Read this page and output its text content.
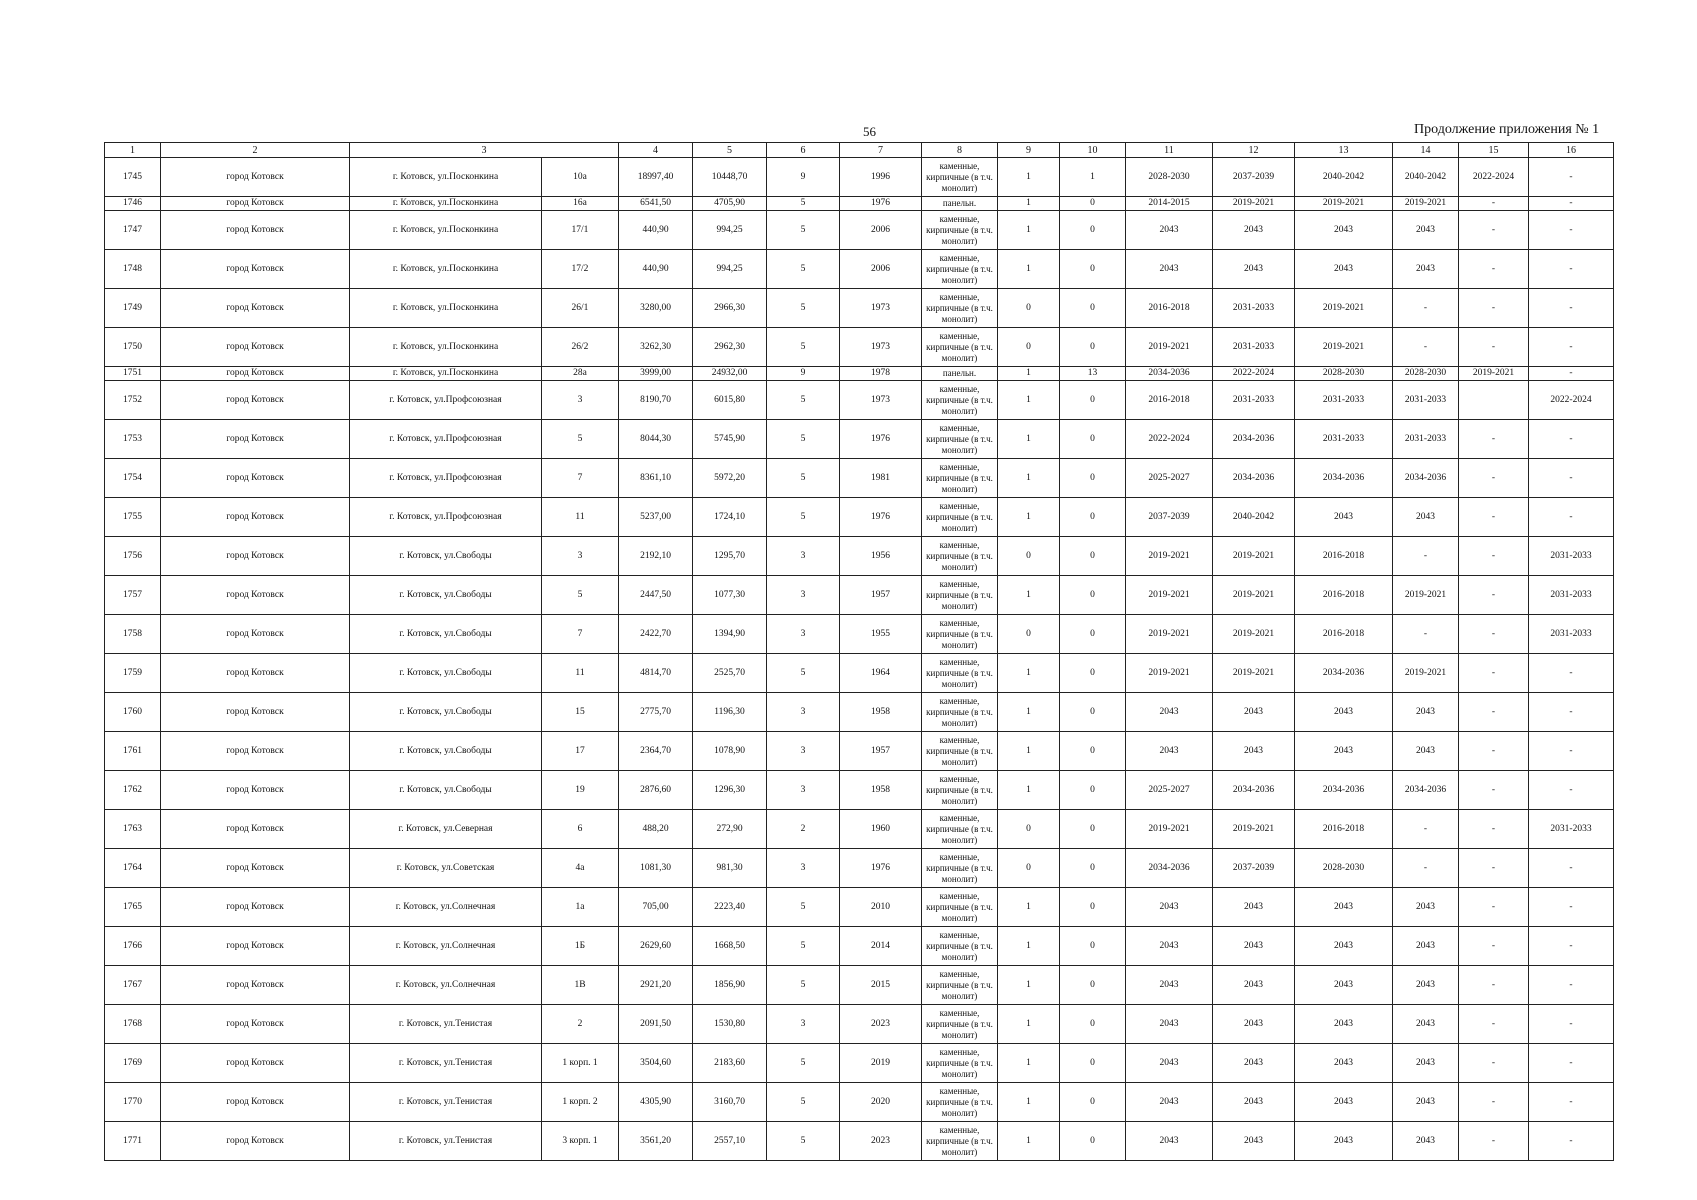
56	Продолжение приложения № 1
1	2	3		4	5	6	7	8	9	10	11	12	13	14	15	16
1745	город Котовск	г. Котовск, ул.Посконкина	10а	18997,40	10448,70	9	1996	каменные, кирпичные (в т.ч. монолит)	1	1	2028-2030	2037-2039	2040-2042	2040-2042	2022-2024	-
1746	город Котовск	г. Котовск, ул.Посконкина	16а	6541,50	4705,90	5	1976	панельн.	1	0	2014-2015	2019-2021	2019-2021	2019-2021	-	-
1747	город Котовск	г. Котовск, ул.Посконкина	17/1	440,90	994,25	5	2006	каменные, кирпичные (в т.ч. монолит)	1	0	2043	2043	2043	2043	-	-
1748	город Котовск	г. Котовск, ул.Посконкина	17/2	440,90	994,25	5	2006	каменные, кирпичные (в т.ч. монолит)	1	0	2043	2043	2043	2043	-	-
1749	город Котовск	г. Котовск, ул.Посконкина	26/1	3280,00	2966,30	5	1973	каменные, кирпичные (в т.ч. монолит)	0	0	2016-2018	2031-2033	2019-2021	-	-	-
1750	город Котовск	г. Котовск, ул.Посконкина	26/2	3262,30	2962,30	5	1973	каменные, кирпичные (в т.ч. монолит)	0	0	2019-2021	2031-2033	2019-2021	-	-	-
1751	город Котовск	г. Котовск, ул.Посконкина	28а	3999,00	24932,00	9	1978	панельн.	1	13	2034-2036	2022-2024	2028-2030	2028-2030	2019-2021	-
1752	город Котовск	г. Котовск, ул.Профсоюзная	3	8190,70	6015,80	5	1973	каменные, кирпичные (в т.ч. монолит)	1	0	2016-2018	2031-2033	2031-2033	2031-2033		2022-2024
1753	город Котовск	г. Котовск, ул.Профсоюзная	5	8044,30	5745,90	5	1976	каменные, кирпичные (в т.ч. монолит)	1	0	2022-2024	2034-2036	2031-2033	2031-2033	-	-
1754	город Котовск	г. Котовск, ул.Профсоюзная	7	8361,10	5972,20	5	1981	каменные, кирпичные (в т.ч. монолит)	1	0	2025-2027	2034-2036	2034-2036	2034-2036	-	-
1755	город Котовск	г. Котовск, ул.Профсоюзная	11	5237,00	1724,10	5	1976	каменные, кирпичные (в т.ч. монолит)	1	0	2037-2039	2040-2042	2043	2043	-	-
1756	город Котовск	г. Котовск, ул.Свободы	3	2192,10	1295,70	3	1956	каменные, кирпичные (в т.ч. монолит)	0	0	2019-2021	2019-2021	2016-2018	-	-	2031-2033
1757	город Котовск	г. Котовск, ул.Свободы	5	2447,50	1077,30	3	1957	каменные, кирпичные (в т.ч. монолит)	1	0	2019-2021	2019-2021	2016-2018	2019-2021	-	2031-2033
1758	город Котовск	г. Котовск, ул.Свободы	7	2422,70	1394,90	3	1955	каменные, кирпичные (в т.ч. монолит)	0	0	2019-2021	2019-2021	2016-2018	-	-	2031-2033
1759	город Котовск	г. Котовск, ул.Свободы	11	4814,70	2525,70	5	1964	каменные, кирпичные (в т.ч. монолит)	1	0	2019-2021	2019-2021	2034-2036	2019-2021	-	-
1760	город Котовск	г. Котовск, ул.Свободы	15	2775,70	1196,30	3	1958	каменные, кирпичные (в т.ч. монолит)	1	0	2043	2043	2043	2043	-	-
1761	город Котовск	г. Котовск, ул.Свободы	17	2364,70	1078,90	3	1957	каменные, кирпичные (в т.ч. монолит)	1	0	2043	2043	2043	2043	-	-
1762	город Котовск	г. Котовск, ул.Свободы	19	2876,60	1296,30	3	1958	каменные, кирпичные (в т.ч. монолит)	1	0	2025-2027	2034-2036	2034-2036	2034-2036	-	-
1763	город Котовск	г. Котовск, ул.Северная	6	488,20	272,90	2	1960	каменные, кирпичные (в т.ч. монолит)	0	0	2019-2021	2019-2021	2016-2018	-	-	2031-2033
1764	город Котовск	г. Котовск, ул.Советская	4а	1081,30	981,30	3	1976	каменные, кирпичные (в т.ч. монолит)	0	0	2034-2036	2037-2039	2028-2030	-	-	-
1765	город Котовск	г. Котовск, ул.Солнечная	1а	705,00	2223,40	5	2010	каменные, кирпичные (в т.ч. монолит)	1	0	2043	2043	2043	2043	-	-
1766	город Котовск	г. Котовск, ул.Солнечная	1Б	2629,60	1668,50	5	2014	каменные, кирпичные (в т.ч. монолит)	1	0	2043	2043	2043	2043	-	-
1767	город Котовск	г. Котовск, ул.Солнечная	1В	2921,20	1856,90	5	2015	каменные, кирпичные (в т.ч. монолит)	1	0	2043	2043	2043	2043	-	-
1768	город Котовск	г. Котовск, ул.Тенистая	2	2091,50	1530,80	3	2023	каменные, кирпичные (в т.ч. монолит)	1	0	2043	2043	2043	2043	-	-
1769	город Котовск	г. Котовск, ул.Тенистая	1 корп. 1	3504,60	2183,60	5	2019	каменные, кирпичные (в т.ч. монолит)	1	0	2043	2043	2043	2043	-	-
1770	город Котовск	г. Котовск, ул.Тенистая	1 корп. 2	4305,90	3160,70	5	2020	каменные, кирпичные (в т.ч. монолит)	1	0	2043	2043	2043	2043	-	-
1771	город Котовск	г. Котовск, ул.Тенистая	3 корп. 1	3561,20	2557,10	5	2023	каменные, кирпичные (в т.ч. монолит)	1	0	2043	2043	2043	2043	-	-
